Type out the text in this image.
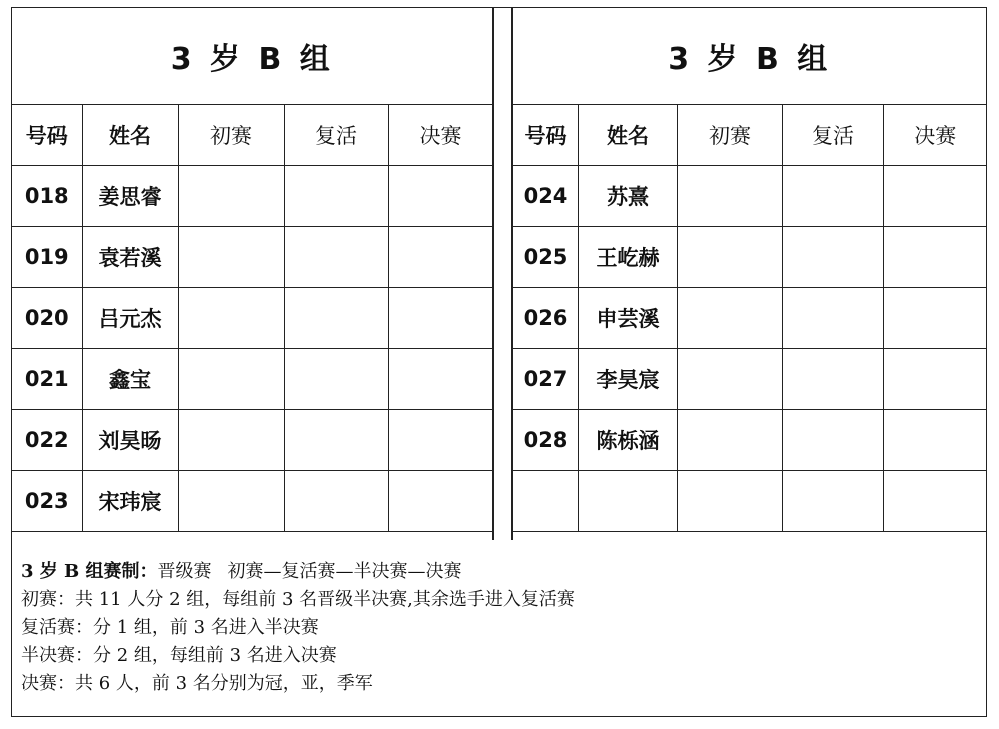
3 岁 B 组				
号码	姓名	初赛	复活	决赛
018	姜思睿			
019	袁若溪			
020	吕元杰			
021	鑫宝			
022	刘昊旸			
023	宋玮宸			
3 岁 B 组				
号码	姓名	初赛	复活	决赛
024	苏熹			
025	王屹赫			
026	申芸溪			
027	李昊宸			
028	陈栎涵			

3 岁 B 组赛制：晋级赛 初赛—复活赛—半决赛—决赛
初赛：共 11 人分 2 组，每组前 3 名晋级半决赛,其余选手进入复活赛
复活赛：分 1 组，前 3 名进入半决赛
半决赛：分 2 组，每组前 3 名进入决赛
决赛：共 6 人，前 3 名分别为冠，亚，季军
